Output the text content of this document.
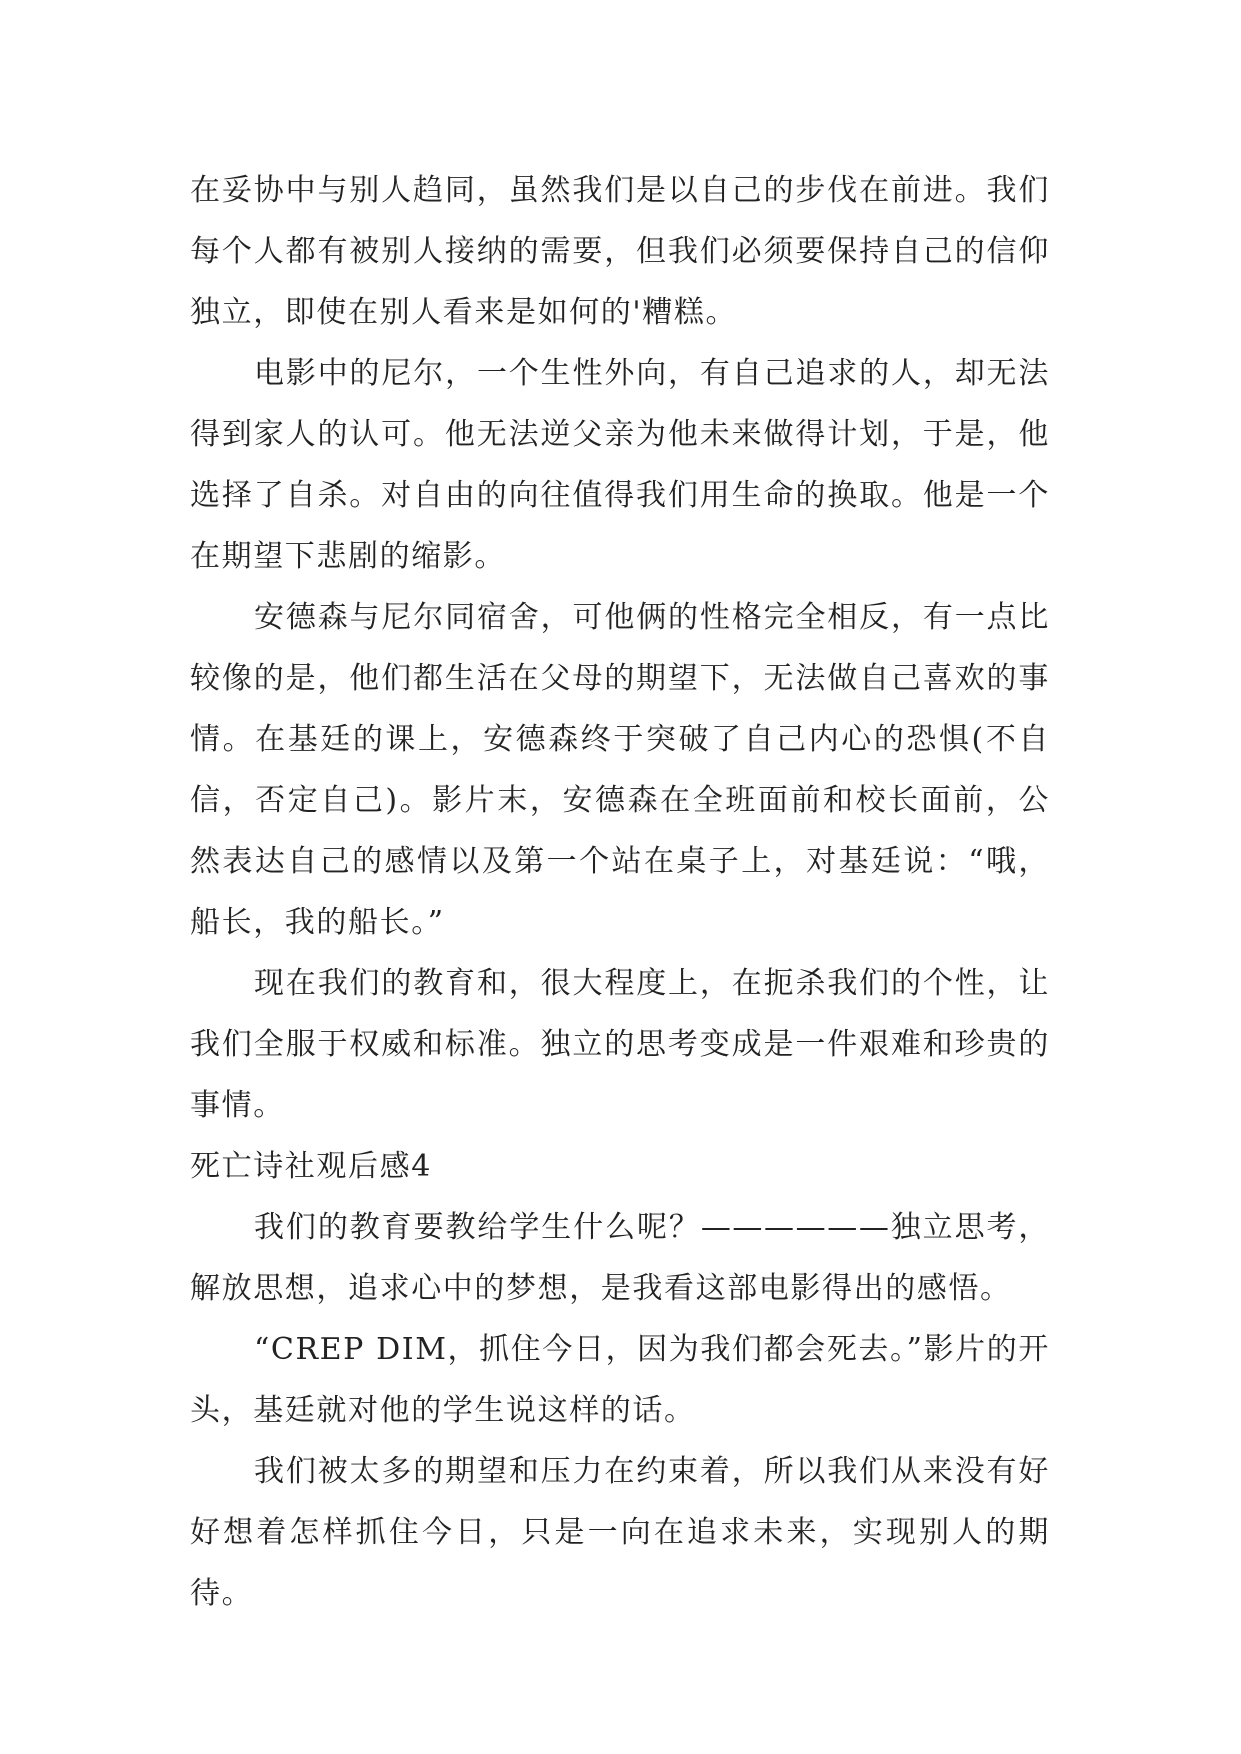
在妥协中与别人趋同，虽然我们是以自己的步伐在前进。我们每个人都有被别人接纳的需要，但我们必须要保持自己的信仰独立，即使在别人看来是如何的'糟糕。

电影中的尼尔，一个生性外向，有自己追求的人，却无法得到家人的认可。他无法逆父亲为他未来做得计划，于是，他选择了自杀。对自由的向往值得我们用生命的换取。他是一个在期望下悲剧的缩影。

安德森与尼尔同宿舍，可他俩的性格完全相反，有一点比较像的是，他们都生活在父母的期望下，无法做自己喜欢的事情。在基廷的课上，安德森终于突破了自己内心的恐惧(不自信，否定自己)。影片末，安德森在全班面前和校长面前，公然表达自己的感情以及第一个站在桌子上，对基廷说：“哦，船长，我的船长。”

现在我们的教育和，很大程度上，在扼杀我们的个性，让我们全服于权威和标准。独立的思考变成是一件艰难和珍贵的事情。

死亡诗社观后感4

我们的教育要教给学生什么呢？——————独立思考，解放思想，追求心中的梦想，是我看这部电影得出的感悟。

“CREP DIM，抓住今日，因为我们都会死去。”影片的开头，基廷就对他的学生说这样的话。

我们被太多的期望和压力在约束着，所以我们从来没有好好想着怎样抓住今日，只是一向在追求未来，实现别人的期待。
